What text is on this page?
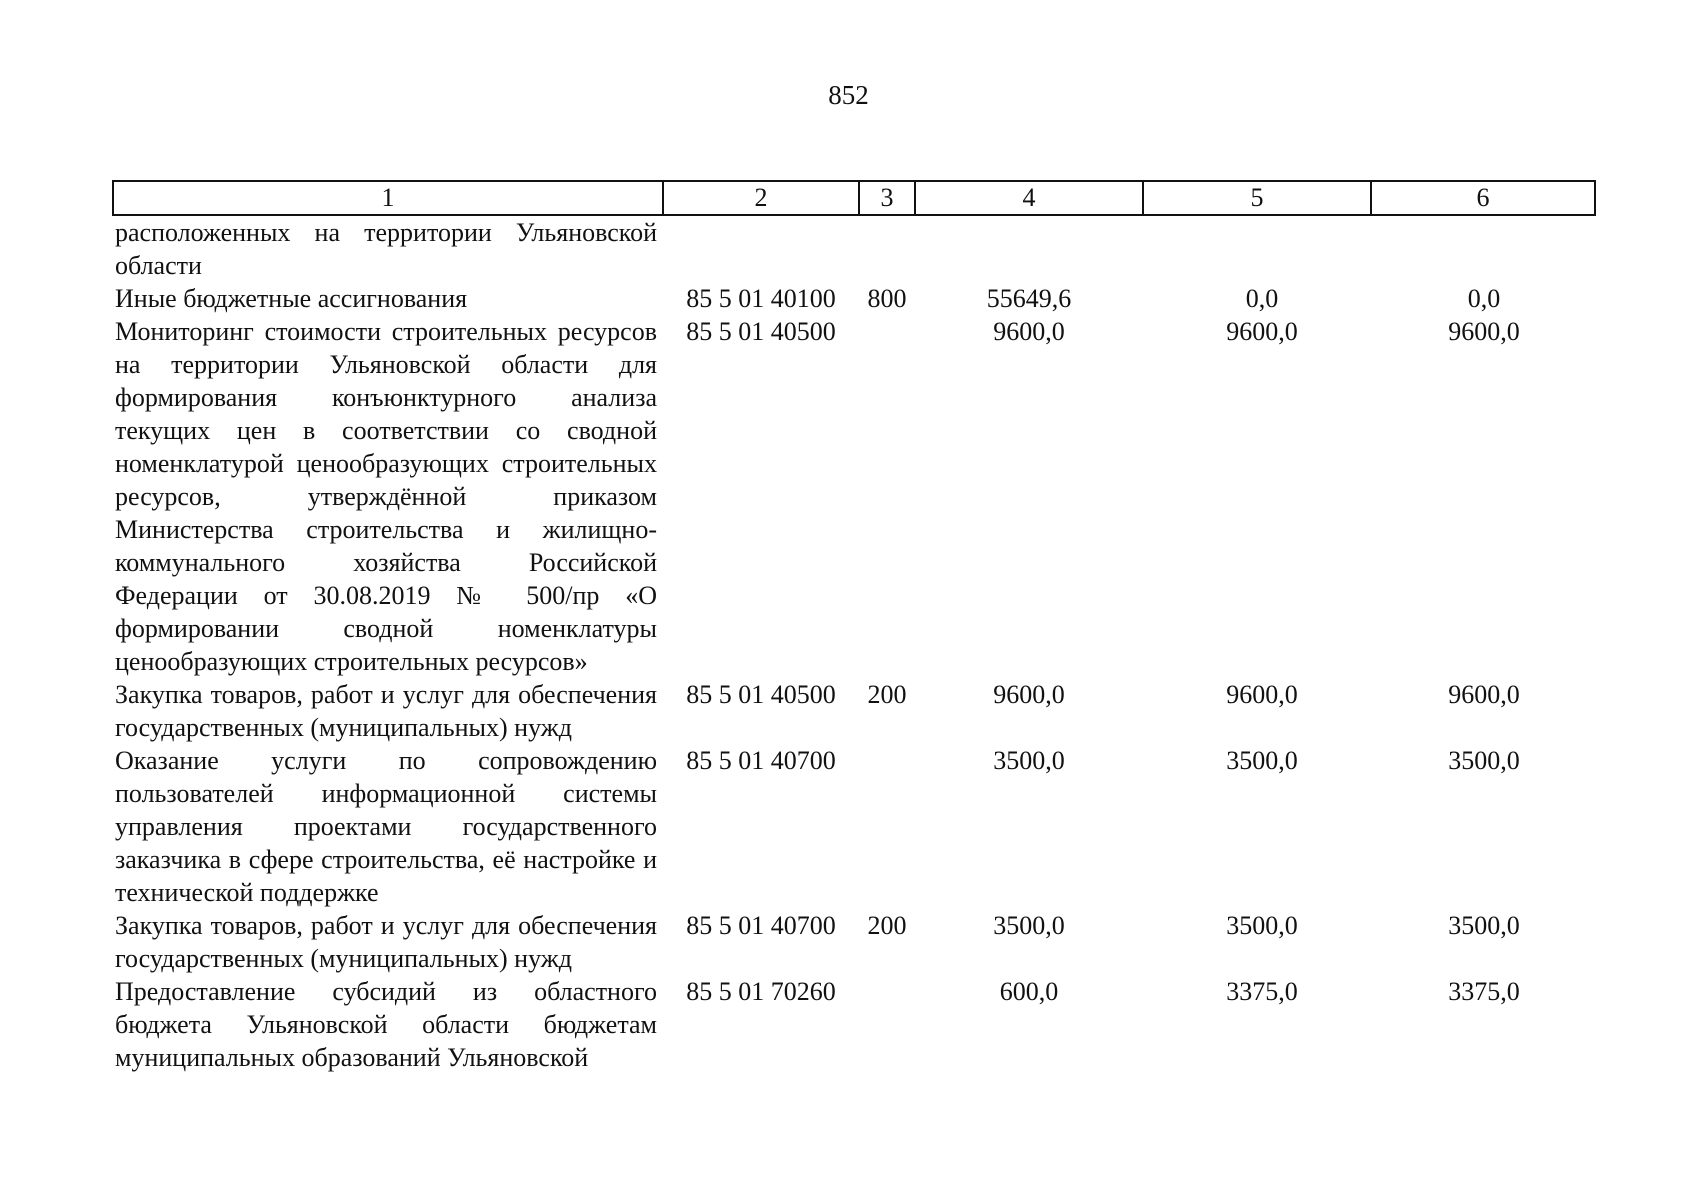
852
1	2	3	4	5	6
расположенных на территории Ульяновской области					
Иные бюджетные ассигнования	85 5 01 40100	800	55649,6	0,0	0,0
Мониторинг стоимости строительных ресурсов на территории Ульяновской области для формирования конъюнктурного анализа текущих цен в соответствии со сводной номенклатурой ценообразующих строительных ресурсов, утверждённой приказом Министерства строительства и жилищно-коммунального хозяйства Российской Федерации от 30.08.2019 № 500/пр «О формировании сводной номенклатуры ценообразующих строительных ресурсов»	85 5 01 40500		9600,0	9600,0	9600,0
Закупка товаров, работ и услуг для обеспечения государственных (муниципальных) нужд	85 5 01 40500	200	9600,0	9600,0	9600,0
Оказание услуги по сопровождению пользователей информационной системы управления проектами государственного заказчика в сфере строительства, её настройке и технической поддержке	85 5 01 40700		3500,0	3500,0	3500,0
Закупка товаров, работ и услуг для обеспечения государственных (муниципальных) нужд	85 5 01 40700	200	3500,0	3500,0	3500,0
Предоставление субсидий из областного бюджета Ульяновской области бюджетам муниципальных образований Ульяновской	85 5 01 70260		600,0	3375,0	3375,0
